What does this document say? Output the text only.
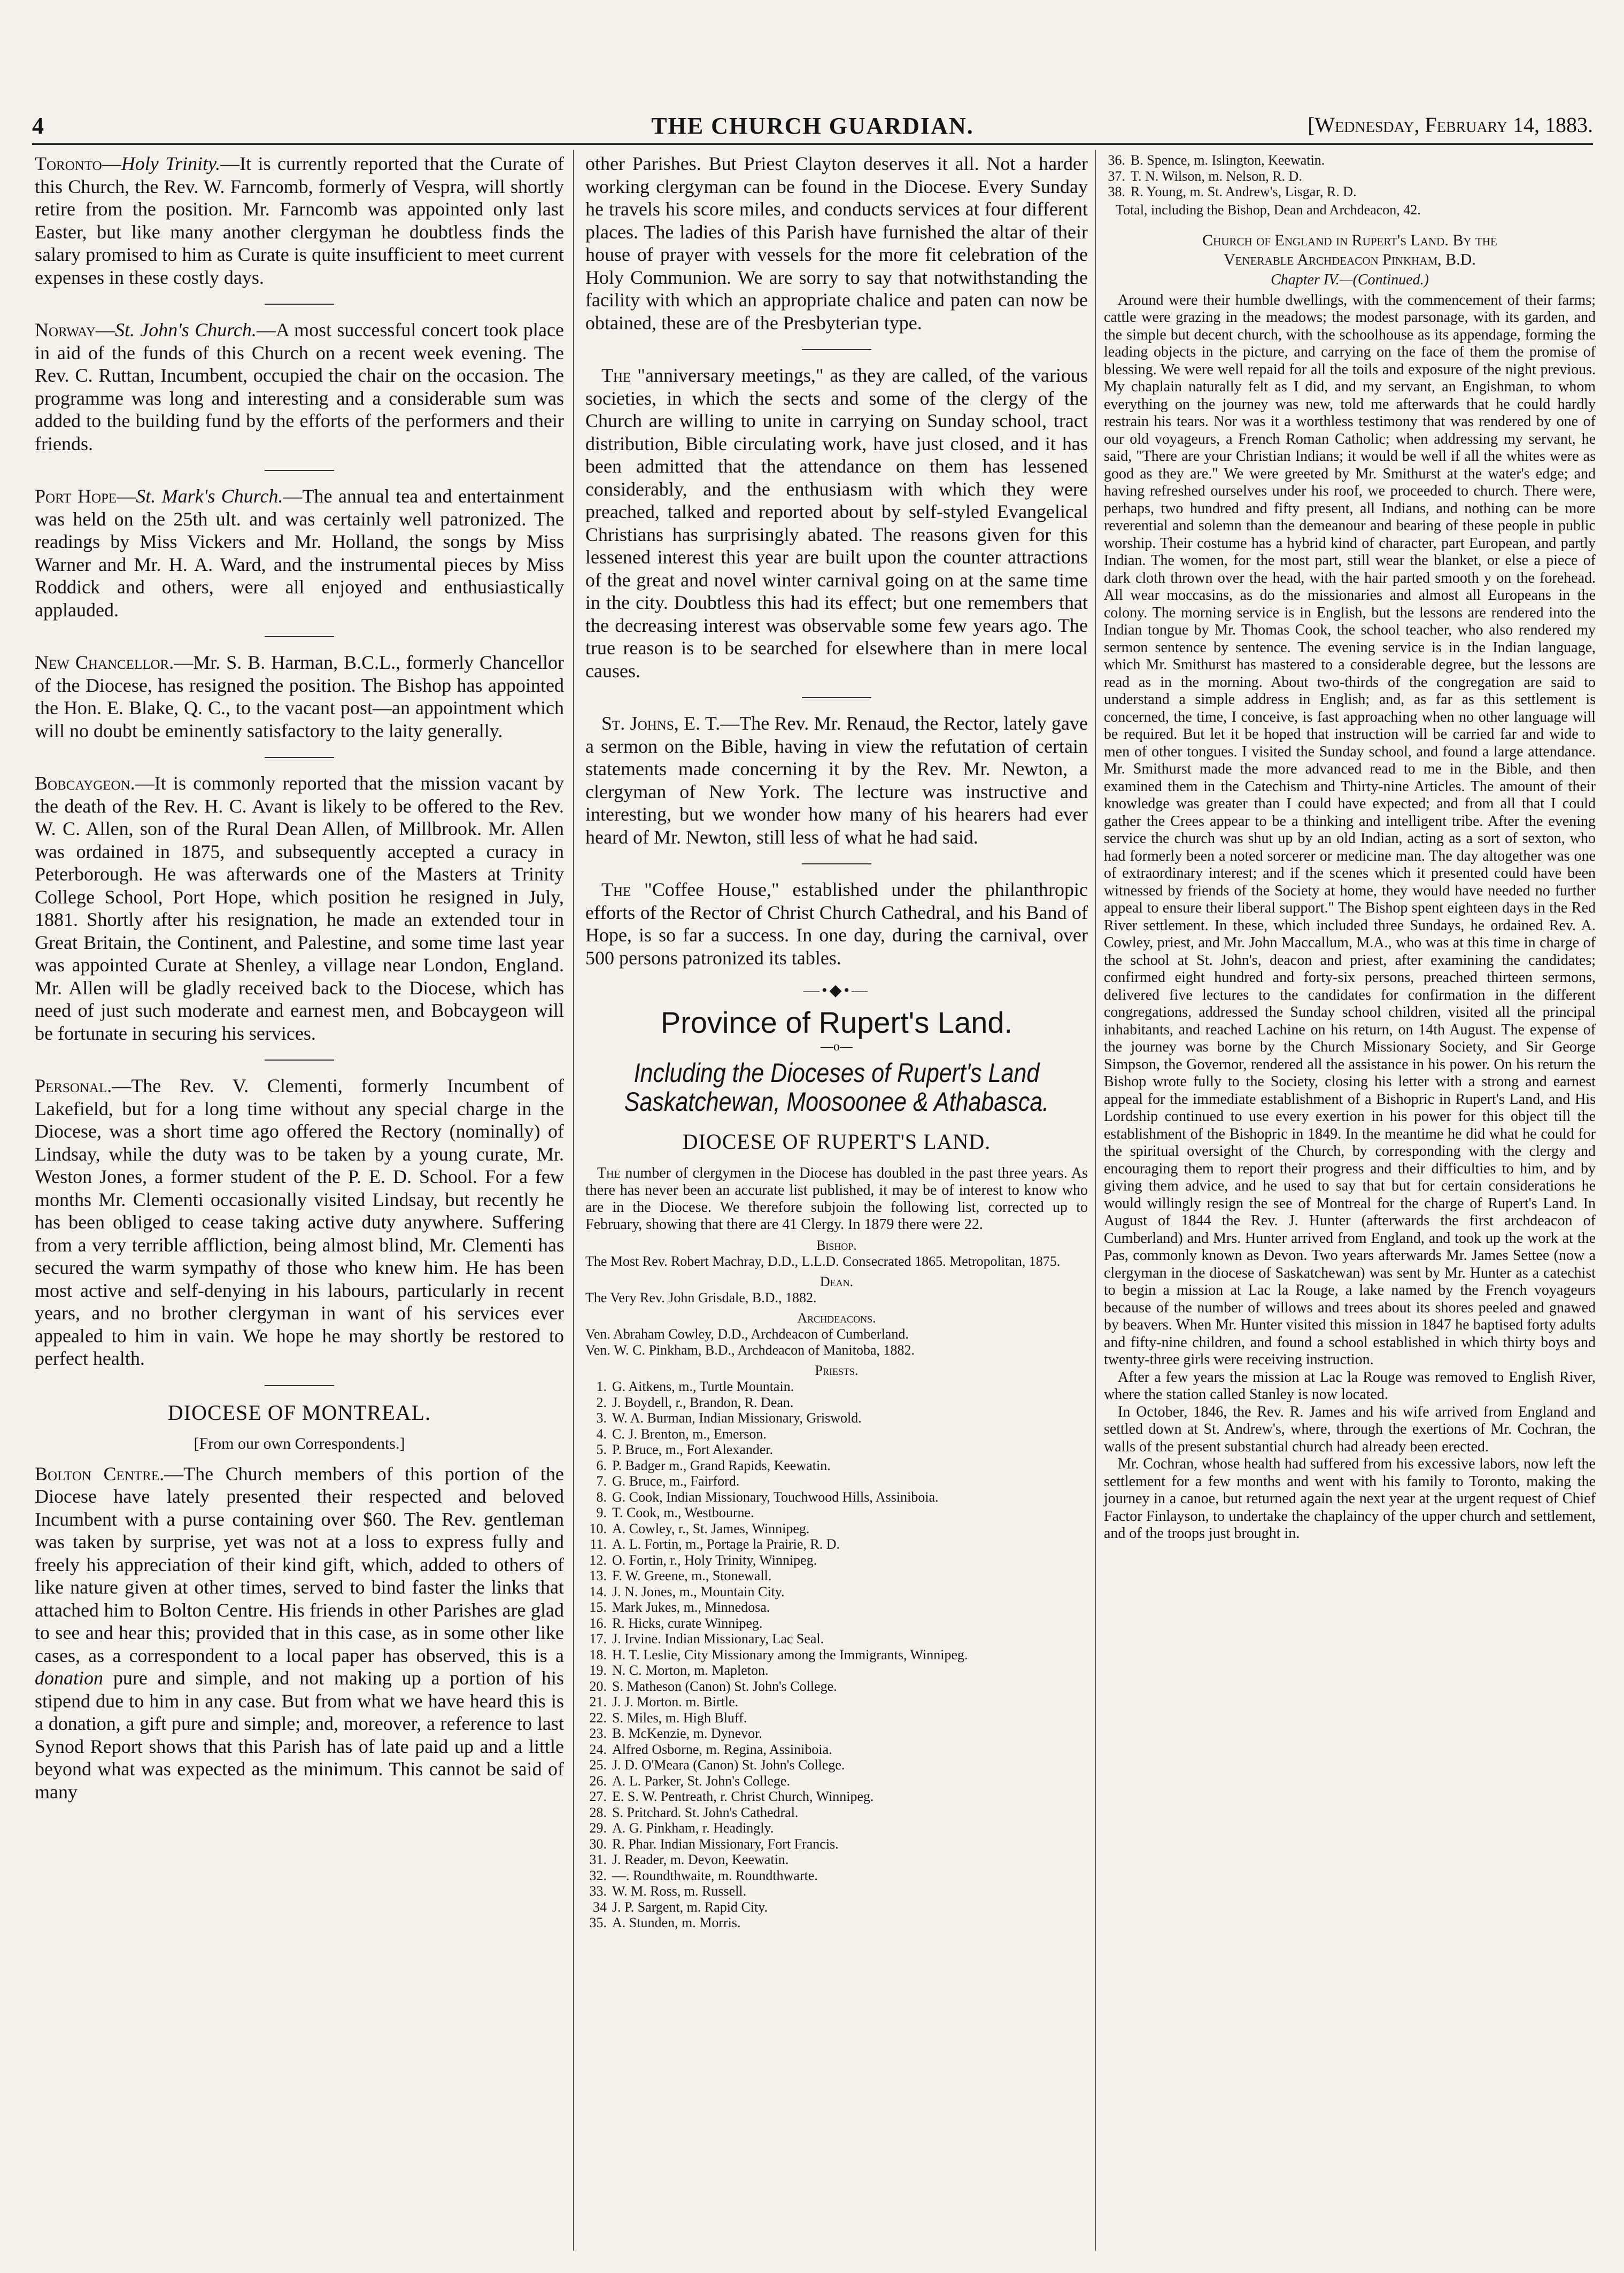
4	THE CHURCH GUARDIAN.	[Wednesday, February 14, 1883.

Toronto—Holy Trinity.—It is currently reported that the Curate of this Church, the Rev. W. Farncomb, formerly of Vespra, will shortly retire from the position. Mr. Farncomb was appointed only last Easter, but like many another clergyman he doubtless finds the salary promised to him as Curate is quite insufficient to meet current expenses in these costly days.

Norway—St. John's Church.—A most successful concert took place in aid of the funds of this Church on a recent week evening. The Rev. C. Ruttan, Incumbent, occupied the chair on the occasion. The programme was long and interesting and a considerable sum was added to the building fund by the efforts of the performers and their friends.

Port Hope—St. Mark's Church.—The annual tea and entertainment was held on the 25th ult. and was certainly well patronized. The readings by Miss Vickers and Mr. Holland, the songs by Miss Warner and Mr. H. A. Ward, and the instrumental pieces by Miss Roddick and others, were all enjoyed and enthusiastically applauded.

New Chancellor.—Mr. S. B. Harman, B.C.L., formerly Chancellor of the Diocese, has resigned the position. The Bishop has appointed the Hon. E. Blake, Q. C., to the vacant post—an appointment which will no doubt be eminently satisfactory to the laity generally.

Bobcaygeon.—It is commonly reported that the mission vacant by the death of the Rev. H. C. Avant is likely to be offered to the Rev. W. C. Allen, son of the Rural Dean Allen, of Millbrook. Mr. Allen was ordained in 1875, and subsequently accepted a curacy in Peterborough. He was afterwards one of the Masters at Trinity College School, Port Hope, which position he resigned in July, 1881. Shortly after his resignation, he made an extended tour in Great Britain, the Continent, and Palestine, and some time last year was appointed Curate at Shenley, a village near London, England. Mr. Allen will be gladly received back to the Diocese, which has need of just such moderate and earnest men, and Bobcaygeon will be fortunate in securing his services.

Personal.—The Rev. V. Clementi, formerly Incumbent of Lakefield, but for a long time without any special charge in the Diocese, was a short time ago offered the Rectory (nominally) of Lindsay, while the duty was to be taken by a young curate, Mr. Weston Jones, a former student of the P. E. D. School. For a few months Mr. Clementi occasionally visited Lindsay, but recently he has been obliged to cease taking active duty anywhere. Suffering from a very terrible affliction, being almost blind, Mr. Clementi has secured the warm sympathy of those who knew him. He has been most active and self-denying in his labours, particularly in recent years, and no brother clergyman in want of his services ever appealed to him in vain. We hope he may shortly be restored to perfect health.

DIOCESE OF MONTREAL.
[From our own Correspondents.]

Bolton Centre.—The Church members of this portion of the Diocese have lately presented their respected and beloved Incumbent with a purse containing over $60. The Rev. gentleman was taken by surprise, yet was not at a loss to express fully and freely his appreciation of their kind gift, which, added to others of like nature given at other times, served to bind faster the links that attached him to Bolton Centre. His friends in other Parishes are glad to see and hear this; provided that in this case, as in some other like cases, as a correspondent to a local paper has observed, this is a donation pure and simple, and not making up a portion of his stipend due to him in any case. But from what we have heard this is a donation, a gift pure and simple; and, moreover, a reference to last Synod Report shows that this Parish has of late paid up and a little beyond what was expected as the minimum. This cannot be said of many

other Parishes. But Priest Clayton deserves it all. Not a harder working clergyman can be found in the Diocese. Every Sunday he travels his score miles, and conducts services at four different places. The ladies of this Parish have furnished the altar of their house of prayer with vessels for the more fit celebration of the Holy Communion. We are sorry to say that notwithstanding the facility with which an appropriate chalice and paten can now be obtained, these are of the Presbyterian type.

The "anniversary meetings," as they are called, of the various societies, in which the sects and some of the clergy of the Church are willing to unite in carrying on Sunday school, tract distribution, Bible circulating work, have just closed, and it has been admitted that the attendance on them has lessened considerably, and the enthusiasm with which they were preached, talked and reported about by self-styled Evangelical Christians has surprisingly abated. The reasons given for this lessened interest this year are built upon the counter attractions of the great and novel winter carnival going on at the same time in the city. Doubtless this had its effect; but one remembers that the decreasing interest was observable some few years ago. The true reason is to be searched for elsewhere than in mere local causes.

St. Johns, E. T.—The Rev. Mr. Renaud, the Rector, lately gave a sermon on the Bible, having in view the refutation of certain statements made concerning it by the Rev. Mr. Newton, a clergyman of New York. The lecture was instructive and interesting, but we wonder how many of his hearers had ever heard of Mr. Newton, still less of what he had said.

The "Coffee House," established under the philanthropic efforts of the Rector of Christ Church Cathedral, and his Band of Hope, is so far a success. In one day, during the carnival, over 500 persons patronized its tables.

—•◆•—
Province of Rupert's Land.
—o—
Including the Dioceses of Rupert's Land
Saskatchewan, Moosoonee & Athabasca.
DIOCESE OF RUPERT'S LAND.

The number of clergymen in the Diocese has doubled in the past three years. As there has never been an accurate list published, it may be of interest to know who are in the Diocese. We therefore subjoin the following list, corrected up to February, showing that there are 41 Clergy. In 1879 there were 22.

Bishop.
The Most Rev. Robert Machray, D.D., L.L.D. Consecrated 1865. Metropolitan, 1875.
Dean.
The Very Rev. John Grisdale, B.D., 1882.
Archdeacons.
Ven. Abraham Cowley, D.D., Archdeacon of Cumberland.
Ven. W. C. Pinkham, B.D., Archdeacon of Manitoba, 1882.
Priests.
1. G. Aitkens, m., Turtle Mountain.
2. J. Boydell, r., Brandon, R. Dean.
3. W. A. Burman, Indian Missionary, Griswold.
4. C. J. Brenton, m., Emerson.
5. P. Bruce, m., Fort Alexander.
6. P. Badger m., Grand Rapids, Keewatin.
7. G. Bruce, m., Fairford.
8. G. Cook, Indian Missionary, Touchwood Hills, Assiniboia.
9. T. Cook, m., Westbourne.
10. A. Cowley, r., St. James, Winnipeg.
11. A. L. Fortin, m., Portage la Prairie, R. D.
12. O. Fortin, r., Holy Trinity, Winnipeg.
13. F. W. Greene, m., Stonewall.
14. J. N. Jones, m., Mountain City.
15. Mark Jukes, m., Minnedosa.
16. R. Hicks, curate Winnipeg.
17. J. Irvine. Indian Missionary, Lac Seal.
18. H. T. Leslie, City Missionary among the Immigrants, Winnipeg.
19. N. C. Morton, m. Mapleton.
20. S. Matheson (Canon) St. John's College.
21. J. J. Morton. m. Birtle.
22. S. Miles, m. High Bluff.
23. B. McKenzie, m. Dynevor.
24. Alfred Osborne, m. Regina, Assiniboia.
25. J. D. O'Meara (Canon) St. John's College.
26. A. L. Parker, St. John's College.
27. E. S. W. Pentreath, r. Christ Church, Winnipeg.
28. S. Pritchard. St. John's Cathedral.
29. A. G. Pinkham, r. Headingly.
30. R. Phar. Indian Missionary, Fort Francis.
31. J. Reader, m. Devon, Keewatin.
32. —. Roundthwaite, m. Roundthwarte.
33. W. M. Ross, m. Russell.
34 J. P. Sargent, m. Rapid City.
35. A. Stunden, m. Morris.
36. B. Spence, m. Islington, Keewatin.
37. T. N. Wilson, m. Nelson, R. D.
38. R. Young, m. St. Andrew's, Lisgar, R. D.
Total, including the Bishop, Dean and Archdeacon, 42.
Church of England in Rupert's Land. By the
Venerable Archdeacon Pinkham, B.D.
Chapter IV.—(Continued.)

Around were their humble dwellings, with the commencement of their farms; cattle were grazing in the meadows; the modest parsonage, with its garden, and the simple but decent church, with the schoolhouse as its appendage, forming the leading objects in the picture, and carrying on the face of them the promise of blessing. We were well repaid for all the toils and exposure of the night previous. My chaplain naturally felt as I did, and my servant, an Engishman, to whom everything on the journey was new, told me afterwards that he could hardly restrain his tears. Nor was it a worthless testimony that was rendered by one of our old voyageurs, a French Roman Catholic; when addressing my servant, he said, "There are your Christian Indians; it would be well if all the whites were as good as they are." We were greeted by Mr. Smithurst at the water's edge; and having refreshed ourselves under his roof, we proceeded to church. There were, perhaps, two hundred and fifty present, all Indians, and nothing can be more reverential and solemn than the demeanour and bearing of these people in public worship. Their costume has a hybrid kind of character, part European, and partly Indian. The women, for the most part, still wear the blanket, or else a piece of dark cloth thrown over the head, with the hair parted smooth y on the forehead. All wear moccasins, as do the missionaries and almost all Europeans in the colony. The morning service is in English, but the lessons are rendered into the Indian tongue by Mr. Thomas Cook, the school teacher, who also rendered my sermon sentence by sentence. The evening service is in the Indian language, which Mr. Smithurst has mastered to a considerable degree, but the lessons are read as in the morning. About two-thirds of the congregation are said to understand a simple address in English; and, as far as this settlement is concerned, the time, I conceive, is fast approaching when no other language will be required. But let it be hoped that instruction will be carried far and wide to men of other tongues. I visited the Sunday school, and found a large attendance. Mr. Smithurst made the more advanced read to me in the Bible, and then examined them in the Catechism and Thirty-nine Articles. The amount of their knowledge was greater than I could have expected; and from all that I could gather the Crees appear to be a thinking and intelligent tribe. After the evening service the church was shut up by an old Indian, acting as a sort of sexton, who had formerly been a noted sorcerer or medicine man. The day altogether was one of extraordinary interest; and if the scenes which it presented could have been witnessed by friends of the Society at home, they would have needed no further appeal to ensure their liberal support." The Bishop spent eighteen days in the Red River settlement. In these, which included three Sundays, he ordained Rev. A. Cowley, priest, and Mr. John Maccallum, M.A., who was at this time in charge of the school at St. John's, deacon and priest, after examining the candidates; confirmed eight hundred and forty-six persons, preached thirteen sermons, delivered five lectures to the candidates for confirmation in the different congregations, addressed the Sunday school children, visited all the principal inhabitants, and reached Lachine on his return, on 14th August. The expense of the journey was borne by the Church Missionary Society, and Sir George Simpson, the Governor, rendered all the assistance in his power. On his return the Bishop wrote fully to the Society, closing his letter with a strong and earnest appeal for the immediate establishment of a Bishopric in Rupert's Land, and His Lordship continued to use every exertion in his power for this object till the establishment of the Bishopric in 1849. In the meantime he did what he could for the spiritual oversight of the Church, by corresponding with the clergy and encouraging them to report their progress and their difficulties to him, and by giving them advice, and he used to say that but for certain considerations he would willingly resign the see of Montreal for the charge of Rupert's Land. In August of 1844 the Rev. J. Hunter (afterwards the first archdeacon of Cumberland) and Mrs. Hunter arrived from England, and took up the work at the Pas, commonly known as Devon. Two years afterwards Mr. James Settee (now a clergyman in the diocese of Saskatchewan) was sent by Mr. Hunter as a catechist to begin a mission at Lac la Rouge, a lake named by the French voyageurs because of the number of willows and trees about its shores peeled and gnawed by beavers. When Mr. Hunter visited this mission in 1847 he baptised forty adults and fifty-nine children, and found a school established in which thirty boys and twenty-three girls were receiving instruction.

After a few years the mission at Lac la Rouge was removed to English River, where the station called Stanley is now located.

In October, 1846, the Rev. R. James and his wife arrived from England and settled down at St. Andrew's, where, through the exertions of Mr. Cochran, the walls of the present substantial church had already been erected.

Mr. Cochran, whose health had suffered from his excessive labors, now left the settlement for a few months and went with his family to Toronto, making the journey in a canoe, but returned again the next year at the urgent request of Chief Factor Finlayson, to undertake the chaplaincy of the upper church and settlement, and of the troops just brought in.
